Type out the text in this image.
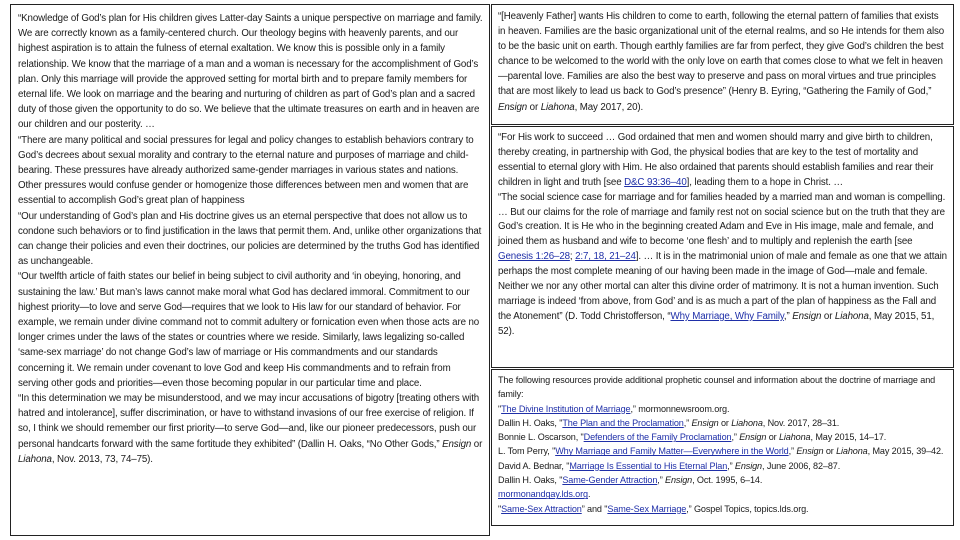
“Knowledge of God’s plan for His children gives Latter-day Saints a unique perspective on marriage and family. We are correctly known as a family-centered church. Our theology begins with heavenly parents, and our highest aspiration is to attain the fulness of eternal exaltation. We know this is possible only in a family relationship. We know that the marriage of a man and a woman is necessary for the accomplishment of God’s plan. Only this marriage will provide the approved setting for mortal birth and to prepare family members for eternal life. We look on marriage and the bearing and nurturing of children as part of God’s plan and a sacred duty of those given the opportunity to do so. We believe that the ultimate treasures on earth and in heaven are our children and our posterity. …

“There are many political and social pressures for legal and policy changes to establish behaviors contrary to God’s decrees about sexual morality and contrary to the eternal nature and purposes of marriage and child-bearing. These pressures have already authorized same-gender marriages in various states and nations. Other pressures would confuse gender or homogenize those differences between men and women that are essential to accomplish God’s great plan of happiness

“Our understanding of God’s plan and His doctrine gives us an eternal perspective that does not allow us to condone such behaviors or to find justification in the laws that permit them. And, unlike other organizations that can change their policies and even their doctrines, our policies are determined by the truths God has identified as unchangeable.

“Our twelfth article of faith states our belief in being subject to civil authority and ‘in obeying, honoring, and sustaining the law.’ But man’s laws cannot make moral what God has declared immoral. Commitment to our highest priority—to love and serve God—requires that we look to His law for our standard of behavior. For example, we remain under divine command not to commit adultery or fornication even when those acts are no longer crimes under the laws of the states or countries where we reside. Similarly, laws legalizing so-called ‘same-sex marriage’ do not change God’s law of marriage or His commandments and our standards concerning it. We remain under covenant to love God and keep His commandments and to refrain from serving other gods and priorities—even those becoming popular in our particular time and place.

“In this determination we may be misunderstood, and we may incur accusations of bigotry [treating others with hatred and intolerance], suffer discrimination, or have to withstand invasions of our free exercise of religion. If so, I think we should remember our first priority—to serve God—and, like our pioneer predecessors, push our personal handcarts forward with the same fortitude they exhibited” (Dallin H. Oaks, “No Other Gods,” Ensign or Liahona, Nov. 2013, 73, 74–75).

“[Heavenly Father] wants His children to come to earth, following the eternal pattern of families that exists in heaven. Families are the basic organizational unit of the eternal realms, and so He intends for them also to be the basic unit on earth. Though earthly families are far from perfect, they give God’s children the best chance to be welcomed to the world with the only love on earth that comes close to what we felt in heaven—parental love. Families are also the best way to preserve and pass on moral virtues and true principles that are most likely to lead us back to God’s presence” (Henry B. Eyring, “Gathering the Family of God,” Ensign or Liahona, May 2017, 20).

“For His work to succeed … God ordained that men and women should marry and give birth to children, thereby creating, in partnership with God, the physical bodies that are key to the test of mortality and essential to eternal glory with Him. He also ordained that parents should establish families and rear their children in light and truth [see D&C 93:36–40], leading them to a hope in Christ. …

“The social science case for marriage and for families headed by a married man and woman is compelling. … But our claims for the role of marriage and family rest not on social science but on the truth that they are God’s creation. It is He who in the beginning created Adam and Eve in His image, male and female, and joined them as husband and wife to become ‘one flesh’ and to multiply and replenish the earth [see Genesis 1:26–28; 2:7, 18, 21–24]. … It is in the matrimonial union of male and female as one that we attain perhaps the most complete meaning of our having been made in the image of God—male and female. Neither we nor any other mortal can alter this divine order of matrimony. It is not a human invention. Such marriage is indeed ‘from above, from God’ and is as much a part of the plan of happiness as the Fall and the Atonement” (D. Todd Christofferson, “Why Marriage, Why Family,” Ensign or Liahona, May 2015, 51, 52).

The following resources provide additional prophetic counsel and information about the doctrine of marriage and family:

"The Divine Institution of Marriage,” mormonnewsroom.org.

Dallin H. Oaks, "The Plan and the Proclamation,” Ensign or Liahona, Nov. 2017, 28–31.

Bonnie L. Oscarson, "Defenders of the Family Proclamation,” Ensign or Liahona, May 2015, 14–17.

L. Tom Perry, "Why Marriage and Family Matter—Everywhere in the World,” Ensign or Liahona, May 2015, 39–42.

David A. Bednar, "Marriage Is Essential to His Eternal Plan,” Ensign, June 2006, 82–87.

Dallin H. Oaks, "Same-Gender Attraction,” Ensign, Oct. 1995, 6–14.

mormonandgay.lds.org.

"Same-Sex Attraction” and "Same-Sex Marriage,” Gospel Topics, topics.lds.org.
